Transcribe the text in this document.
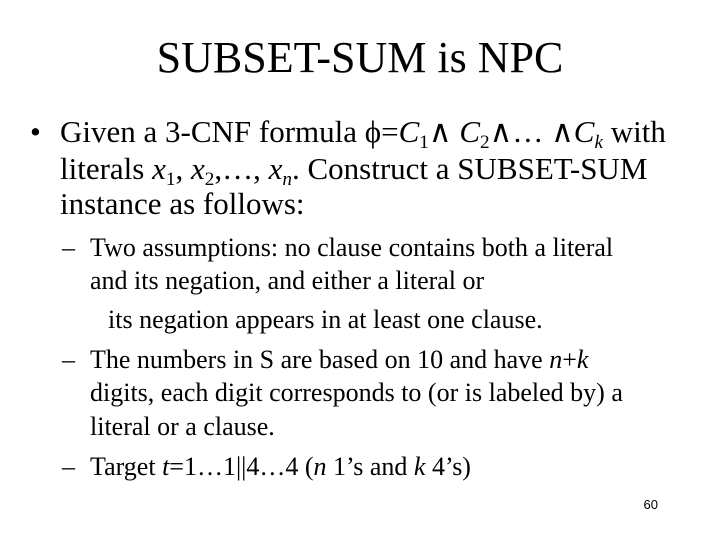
SUBSET-SUM is NPC
• Given a 3-CNF formula $\phi=C_1\wedge$ $C_2\wedge\dots$ $\wedge C_k$ with
literals $x_1$, $x_2,\dots$, $x_n$. Construct a SUBSET-SUM
instance as follows:
– Two assumptions: no clause contains both a literal
and its negation, and either a literal or
its negation appears in at least one clause.
– The numbers in S are based on 10 and have n+k
digits, each digit corresponds to (or is labeled by) a
literal or a clause.
– Target t=1…1||4…4 (n 1’s and k 4’s)
60
